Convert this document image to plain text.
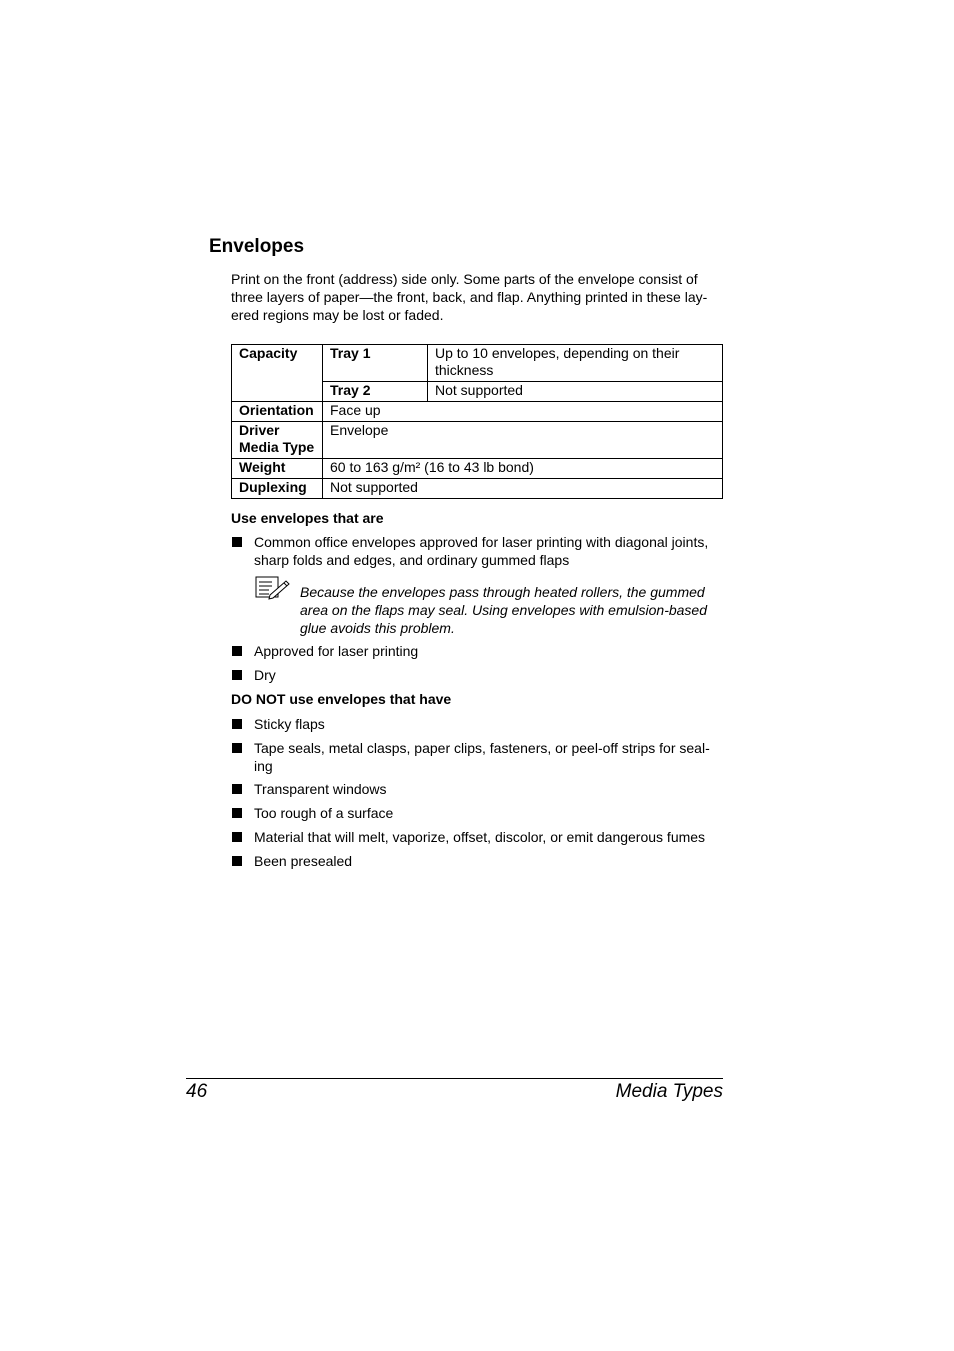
Envelopes
Print on the front (address) side only. Some parts of the envelope consist of
three layers of paper—the front, back, and flap. Anything printed in these lay-
ered regions may be lost or faded.
Capacity	Tray 1	Up to 10 envelopes, depending on their
thickness

	Tray 2	Not supported
Orientation	Face up	

Driver
Media Type	Envelope	
Weight	60 to 163 g/m² (16 to 43 lb bond)	
Duplexing	Not supported	
Use envelopes that are
Common office envelopes approved for laser printing with diagonal joints,
sharp folds and edges, and ordinary gummed flaps
Because the envelopes pass through heated rollers, the gummed
area on the flaps may seal. Using envelopes with emulsion-based
glue avoids this problem.
Approved for laser printing
Dry
DO NOT use envelopes that have
Sticky flaps
Tape seals, metal clasps, paper clips, fasteners, or peel-off strips for seal-
ing
Transparent windows
Too rough of a surface
Material that will melt, vaporize, offset, discolor, or emit dangerous fumes
Been presealed
46	Media Types
